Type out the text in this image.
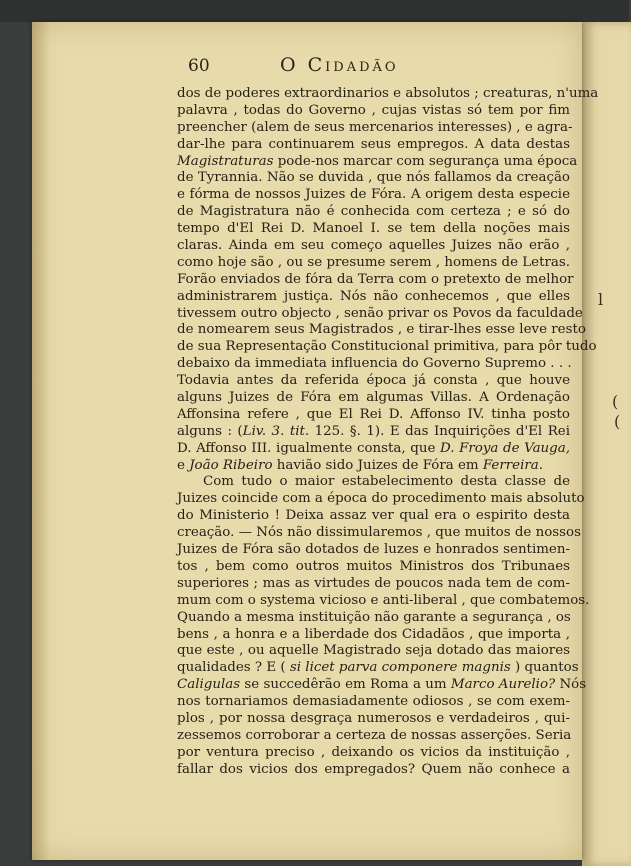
l
(
(
60	O Cidadão
dos de poderes extraordinarios e absolutos ; creaturas, n'uma
palavra , todas do Governo , cujas vistas só tem por fim
preencher (alem de seus mercenarios interesses) , e agra-
dar-lhe para continuarem seus empregos. A data destas
Magistraturas pode-nos marcar com segurança uma época
de Tyrannia. Não se duvida , que nós fallamos da creação
e fórma de nossos Juizes de Fóra. A origem desta especie
de Magistratura não é conhecida com certeza ; e só do
tempo d'El Rei D. Manoel I. se tem della noções mais
claras. Ainda em seu começo aquelles Juizes não erão ,
como hoje são , ou se presume serem , homens de Letras.
Forão enviados de fóra da Terra com o pretexto de melhor
administrarem justiça. Nós não conhecemos , que elles
tivessem outro objecto , senão privar os Povos da faculdade
de nomearem seus Magistrados , e tirar-lhes esse leve resto
de sua Representação Constitucional primitiva, para pôr tudo
debaixo da immediata influencia do Governo Supremo . . .
Todavia antes da referida época já consta , que houve
alguns Juizes de Fóra em algumas Villas. A Ordenação
Affonsina refere , que El Rei D. Affonso IV. tinha posto
alguns : (Liv. 3. tit. 125. §. 1). E das Inquirições d'El Rei
D. Affonso III. igualmente consta, que D. Froya de Vauga,
e João Ribeiro havião sido Juizes de Fóra em Ferreira.
Com tudo o maior estabelecimento desta classe de
Juizes coincide com a época do procedimento mais absoluto
do Ministerio ! Deixa assaz ver qual era o espirito desta
creação. — Nós não dissimularemos , que muitos de nossos
Juizes de Fóra são dotados de luzes e honrados sentimen-
tos , bem como outros muitos Ministros dos Tribunaes
superiores ; mas as virtudes de poucos nada tem de com-
mum com o systema vicioso e anti-liberal , que combatemos.
Quando a mesma instituição não garante a segurança , os
bens , a honra e a liberdade dos Cidadãos , que importa ,
que este , ou aquelle Magistrado seja dotado das maiores
qualidades ? E ( si licet parva componere magnis ) quantos
Caligulas se succedêrão em Roma a um Marco Aurelio? Nós
nos tornariamos demasiadamente odiosos , se com exem-
plos , por nossa desgraça numerosos e verdadeiros , qui-
zessemos corroborar a certeza de nossas asserções. Seria
por ventura preciso , deixando os vicios da instituição ,
fallar dos vicios dos empregados? Quem não conhece a
